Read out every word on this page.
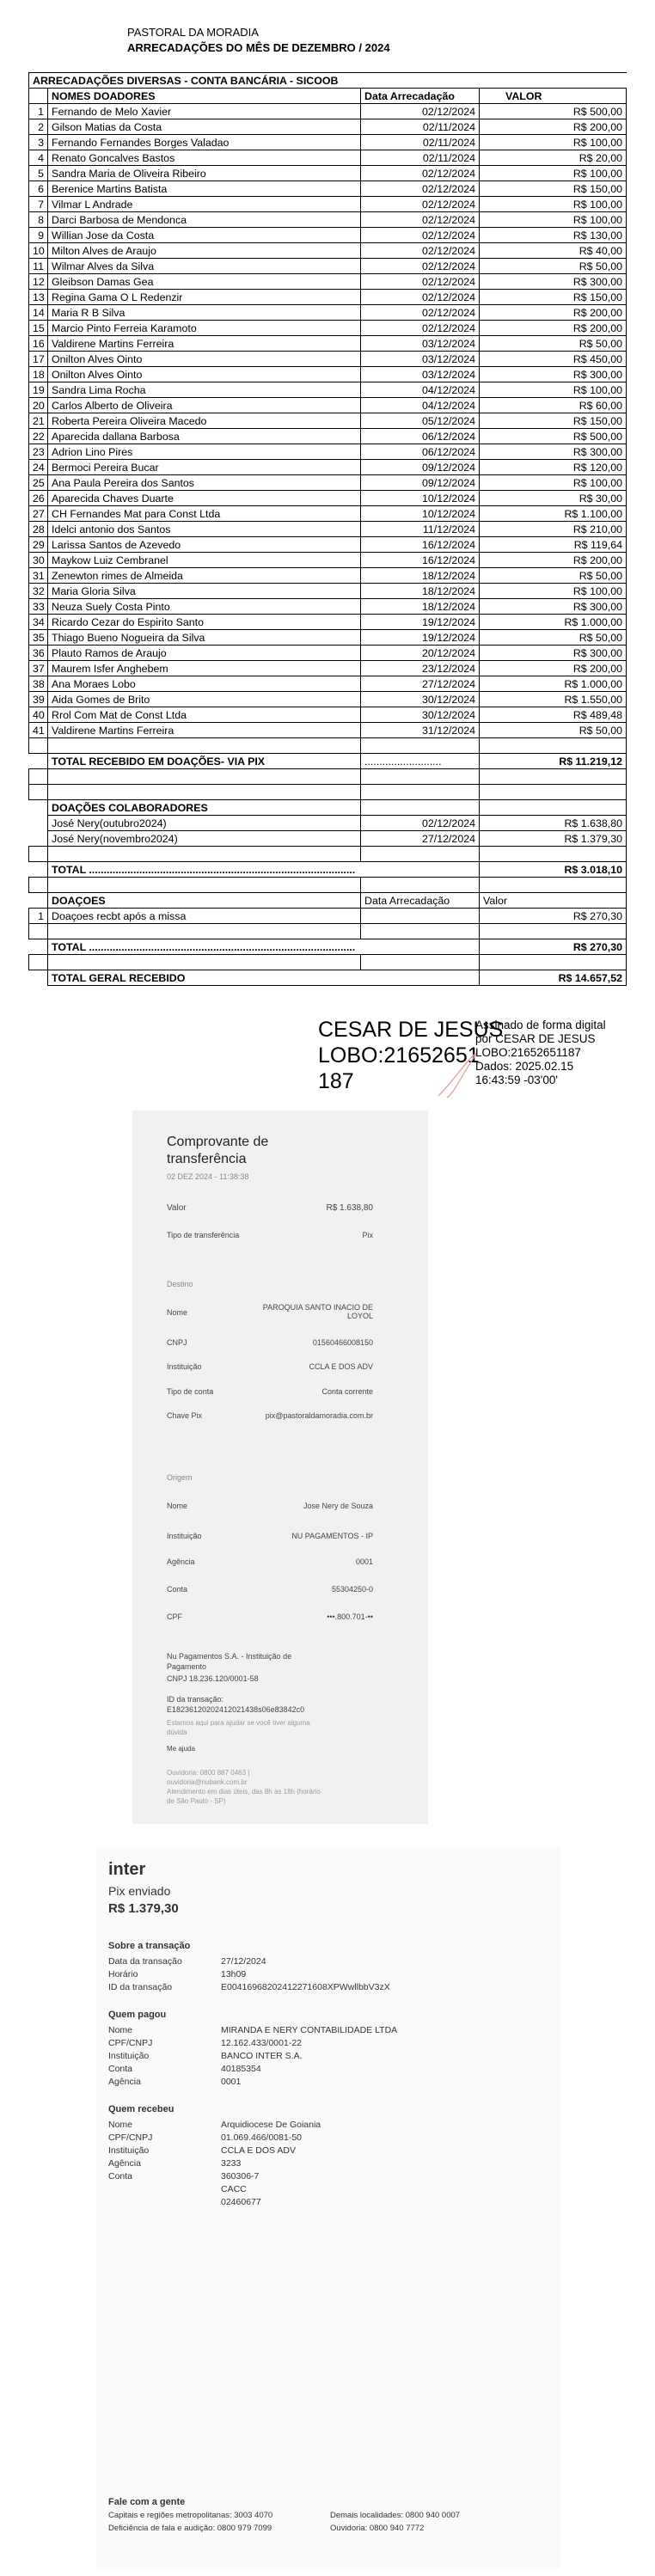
PASTORAL DA MORADIA
ARRECADAÇÕES DO MÊS DE DEZEMBRO / 2024
ARRECADAÇÕES DIVERSAS - CONTA BANCÁRIA - SICOOB			
	NOMES DOADORES	Data Arrecadação	VALOR
1	Fernando de Melo Xavier	02/12/2024	R$ 500,00
2	Gilson Matias da Costa	02/11/2024	R$ 200,00
3	Fernando Fernandes Borges Valadao	02/11/2024	R$ 100,00
4	Renato Goncalves Bastos	02/11/2024	R$ 20,00
5	Sandra Maria de Oliveira Ribeiro	02/12/2024	R$ 100,00
6	Berenice Martins Batista	02/12/2024	R$ 150,00
7	Vilmar L Andrade	02/12/2024	R$ 100,00
8	Darci Barbosa de Mendonca	02/12/2024	R$ 100,00
9	Willian Jose da Costa	02/12/2024	R$ 130,00
10	Milton Alves de Araujo	02/12/2024	R$ 40,00
11	Wilmar Alves da Silva	02/12/2024	R$ 50,00
12	Gleibson Damas Gea	02/12/2024	R$ 300,00
13	Regina Gama O L Redenzir	02/12/2024	R$ 150,00
14	Maria R B Silva	02/12/2024	R$ 200,00
15	Marcio Pinto Ferreia Karamoto	02/12/2024	R$ 200,00
16	Valdirene Martins Ferreira	03/12/2024	R$ 50,00
17	Onilton Alves Ointo	03/12/2024	R$ 450,00
18	Onilton Alves Ointo	03/12/2024	R$ 300,00
19	Sandra Lima Rocha	04/12/2024	R$ 100,00
20	Carlos Alberto de Oliveira	04/12/2024	R$ 60,00
21	Roberta Pereira Oliveira Macedo	05/12/2024	R$ 150,00
22	Aparecida dallana Barbosa	06/12/2024	R$ 500,00
23	Adrion Lino Pires	06/12/2024	R$ 300,00
24	Bermoci Pereira Bucar	09/12/2024	R$ 120,00
25	Ana Paula Pereira dos Santos	09/12/2024	R$ 100,00
26	Aparecida Chaves Duarte	10/12/2024	R$ 30,00
27	CH Fernandes Mat para Const Ltda	10/12/2024	R$ 1.100,00
28	Idelci antonio dos Santos	11/12/2024	R$ 210,00
29	Larissa Santos de Azevedo	16/12/2024	R$ 119,64
30	Maykow Luiz Cembranel	16/12/2024	R$ 200,00
31	Zenewton rimes de Almeida	18/12/2024	R$ 50,00
32	Maria Gloria Silva	18/12/2024	R$ 100,00
33	Neuza Suely Costa Pinto	18/12/2024	R$ 300,00
34	Ricardo Cezar do Espirito Santo	19/12/2024	R$ 1.000,00
35	Thiago Bueno Nogueira da Silva	19/12/2024	R$ 50,00
36	Plauto Ramos de Araujo	20/12/2024	R$ 300,00
37	Maurem Isfer Anghebem	23/12/2024	R$ 200,00
38	Ana Moraes Lobo	27/12/2024	R$ 1.000,00
39	Aida Gomes de Brito	30/12/2024	R$ 1.550,00
40	Rrol Com Mat de Const Ltda	30/12/2024	R$ 489,48
41	Valdirene Martins Ferreira	31/12/2024	R$ 50,00

	TOTAL RECEBIDO EM DOAÇÕES- VIA PIX	..........................	R$ 11.219,12

	DOAÇÕES COLABORADORES		
	José Nery(outubro2024)	02/12/2024	R$ 1.638,80
	José Nery(novembro2024)	27/12/2024	R$ 1.379,30

	TOTAL ..........................................................................................		R$ 3.018,10

	DOAÇOES	Data Arrecadação	Valor
1	Doaçoes recbt após a missa		R$ 270,30

	TOTAL ..........................................................................................		R$ 270,30

	TOTAL GERAL RECEBIDO		R$ 14.657,52
CESAR DE JESUS
LOBO:21652651
187
Assinado de forma digital
por CESAR DE JESUS
LOBO:21652651187
Dados: 2025.02.15
16:43:59 -03'00'
Comprovante de
transferência
02 DEZ 2024 - 11:38:38
Valor	R$ 1.638,80
Tipo de transferência	Pix
Destino
Nome
PAROQUIA SANTO INACIO DE LOYOL
CNPJ	01560466008150
Instituição	CCLA E DOS ADV
Tipo de conta	Conta corrente
Chave Pix	pix@pastoraldamoradia.com.br
Origem
Nome	Jose Nery de Souza
Instituição	NU PAGAMENTOS - IP
Agência	0001
Conta	55304250-0
CPF	•••.800.701-••
Nu Pagamentos S.A. - Instituição de
Pagamento
CNPJ 18.236.120/0001-58
ID da transação:
E18236120202412021438s06e83842c0
Estamos aqui para ajudar se você tiver alguma
dúvida
Me ajuda
Ouvidoria: 0800 887 0463 |
ouvidoria@nubank.com.br
Atendimento em dias úteis, das 8h às 18h (horário
de São Paulo - SP)
inter
Pix enviado
R$ 1.379,30
Sobre a transação
Data da transação	27/12/2024
Horário	13h09
ID da transação	E00416968202412271608XPWwllbbV3zX
Quem pagou
Nome	MIRANDA E NERY CONTABILIDADE LTDA
CPF/CNPJ	12.162.433/0001-22
Instituição	BANCO INTER S.A.
Conta	40185354
Agência	0001
Quem recebeu
Nome	Arquidiocese De Goiania
CPF/CNPJ	01.069.466/0081-50
Instituição	CCLA E DOS ADV
Agência	3233
Conta	360306-7
CACC
02460677
Fale com a gente
Capitais e regiões metropolitanas: 3003 4070
Deficiência de fala e audição: 0800 979 7099
Demais localidades: 0800 940 0007
Ouvidoria: 0800 940 7772
